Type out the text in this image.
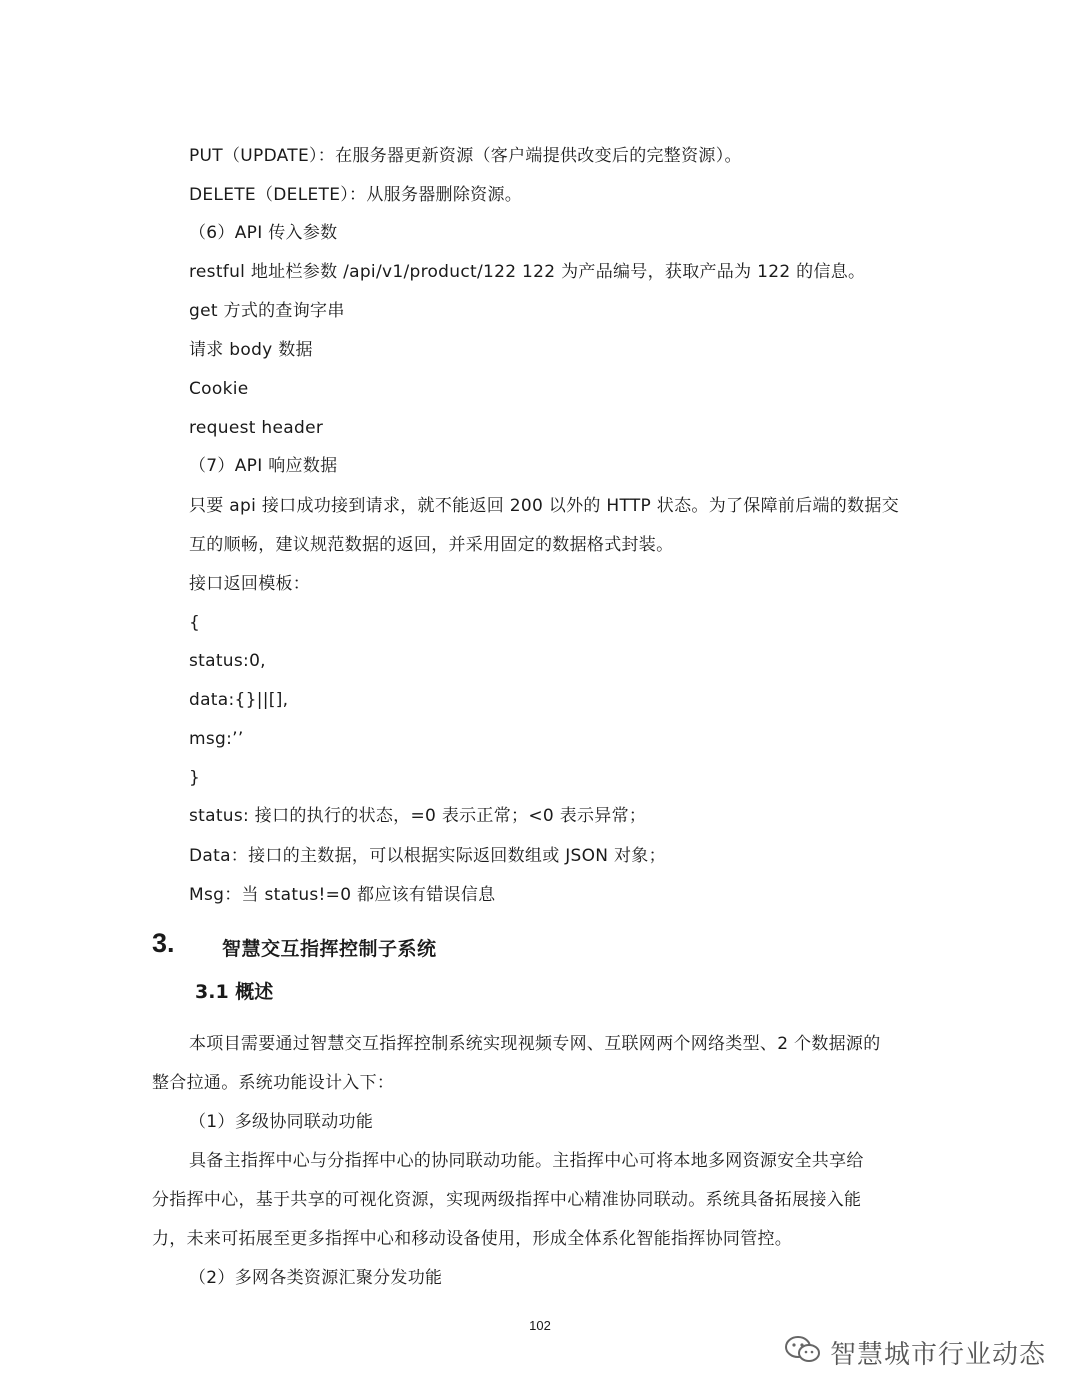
PUT（UPDATE）：在服务器更新资源（客户端提供改变后的完整资源）。
DELETE（DELETE）：从服务器删除资源。
（6）API 传入参数
restful 地址栏参数 /api/v1/product/122 122 为产品编号，获取产品为 122 的信息。
get 方式的查询字串
请求 body 数据
Cookie
request header
（7）API 响应数据
只要 api 接口成功接到请求，就不能返回 200 以外的 HTTP 状态。为了保障前后端的数据交
互的顺畅，建议规范数据的返回，并采用固定的数据格式封装。
接口返回模板：
{
status:0,
data:{}||[],
msg:’’
}
status: 接口的执行的状态，=0 表示正常；<0 表示异常；
Data：接口的主数据，可以根据实际返回数组或 JSON 对象；
Msg：当 status!=0 都应该有错误信息
3. 智慧交互指挥控制子系统
3.1 概述
本项目需要通过智慧交互指挥控制系统实现视频专网、互联网两个网络类型、2 个数据源的
整合拉通。系统功能设计入下：
（1）多级协同联动功能
具备主指挥中心与分指挥中心的协同联动功能。主指挥中心可将本地多网资源安全共享给
分指挥中心，基于共享的可视化资源，实现两级指挥中心精准协同联动。系统具备拓展接入能
力，未来可拓展至更多指挥中心和移动设备使用，形成全体系化智能指挥协同管控。
（2）多网各类资源汇聚分发功能
102
智慧城市行业动态
